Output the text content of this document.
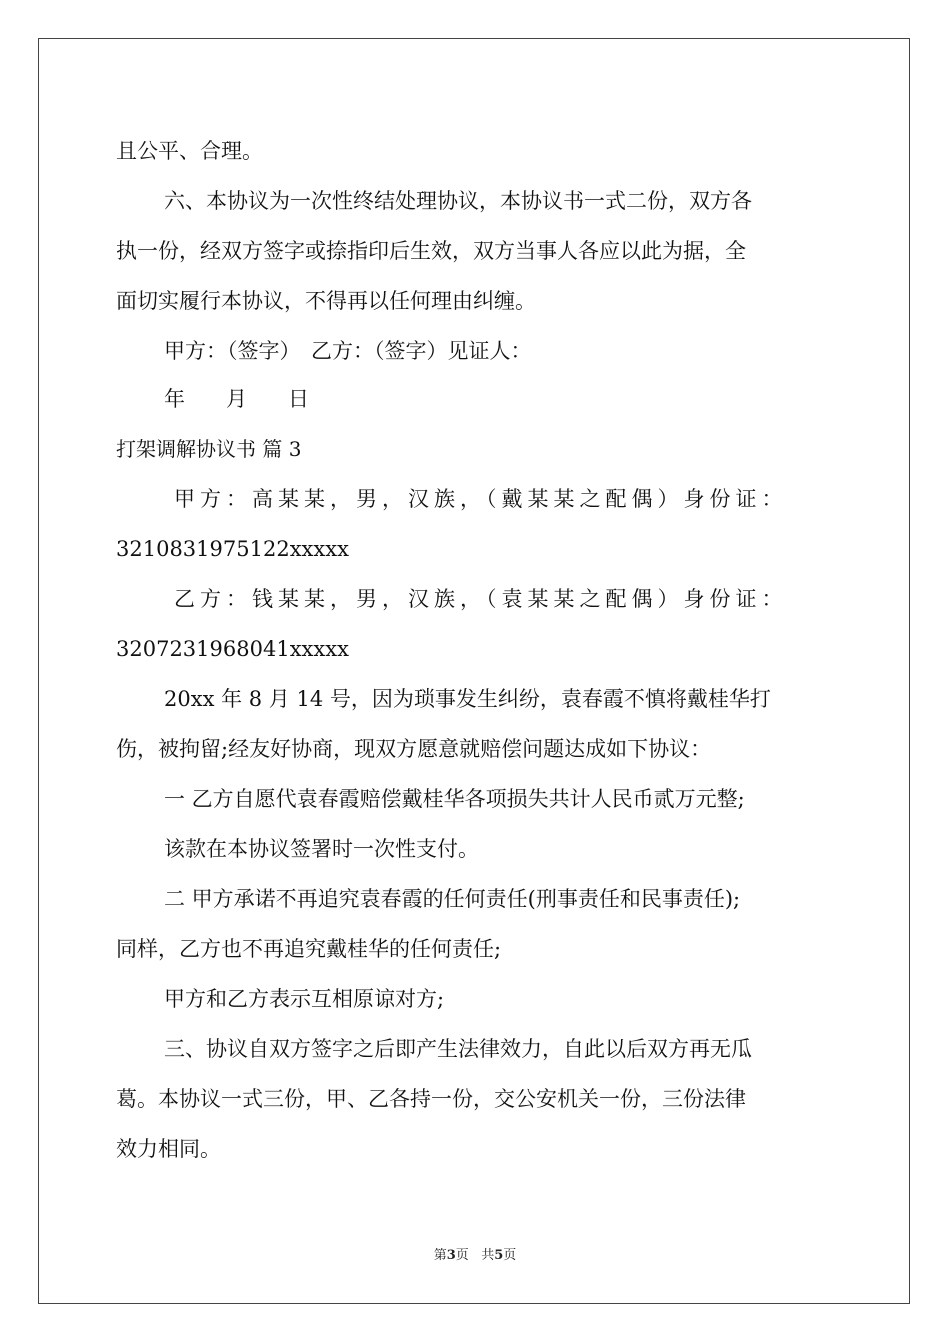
且公平、合理。
六、本协议为一次性终结处理协议，本协议书一式二份，双方各
执一份，经双方签字或捺指印后生效，双方当事人各应以此为据，全
面切实履行本协议，不得再以任何理由纠缠。
甲方：（签字）　乙方：（签字）见证人：
年 月 日
打架调解协议书 篇 3
甲方：高某某，男，汉族，（戴某某之配偶）身份证：
3210831975122xxxxx
乙方：钱某某，男，汉族，（袁某某之配偶）身份证：
3207231968041xxxxx
20xx 年 8 月 14 号，因为琐事发生纠纷，袁春霞不慎将戴桂华打
伤，被拘留;经友好协商，现双方愿意就赔偿问题达成如下协议：
一 乙方自愿代袁春霞赔偿戴桂华各项损失共计人民币贰万元整;
该款在本协议签署时一次性支付。
二 甲方承诺不再追究袁春霞的任何责任(刑事责任和民事责任);
同样，乙方也不再追究戴桂华的任何责任;
甲方和乙方表示互相原谅对方;
三、协议自双方签字之后即产生法律效力，自此以后双方再无瓜
葛。本协议一式三份，甲、乙各持一份，交公安机关一份，三份法律
效力相同。
第3页 共5页
